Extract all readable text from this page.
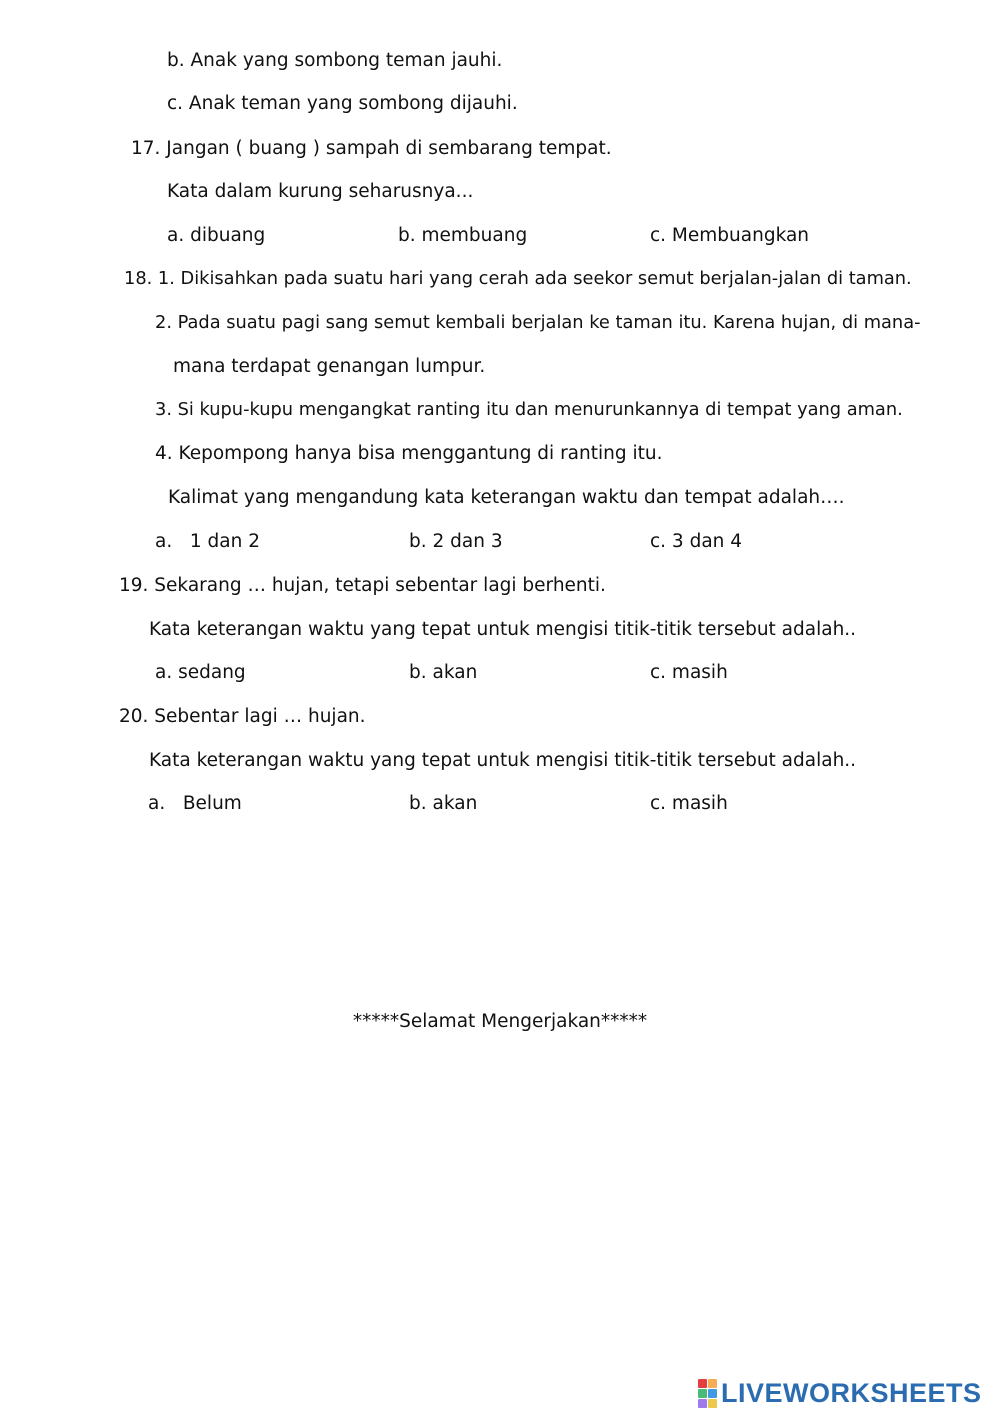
b. Anak yang sombong teman jauhi.
c. Anak teman yang sombong dijauhi.
17. Jangan ( buang ) sampah di sembarang tempat.
Kata dalam kurung seharusnya...
a. dibuang	b. membuang	c. Membuangkan
18. 1. Dikisahkan pada suatu hari yang cerah ada seekor semut berjalan-jalan di taman.
2. Pada suatu pagi sang semut kembali berjalan ke taman itu. Karena hujan, di mana-
mana terdapat genangan lumpur.
3. Si kupu-kupu mengangkat ranting itu dan menurunkannya di tempat yang aman.
4. Kepompong hanya bisa menggantung di ranting itu.
Kalimat yang mengandung kata keterangan waktu dan tempat adalah….
a.   1 dan 2	b. 2 dan 3	c. 3 dan 4
19. Sekarang … hujan, tetapi sebentar lagi berhenti.
Kata keterangan waktu yang tepat untuk mengisi titik-titik tersebut adalah..
a. sedang	b. akan	c. masih
20. Sebentar lagi … hujan.
Kata keterangan waktu yang tepat untuk mengisi titik-titik tersebut adalah..
a.   Belum	b. akan	c. masih
*****Selamat Mengerjakan*****
LIVEWORKSHEETS
